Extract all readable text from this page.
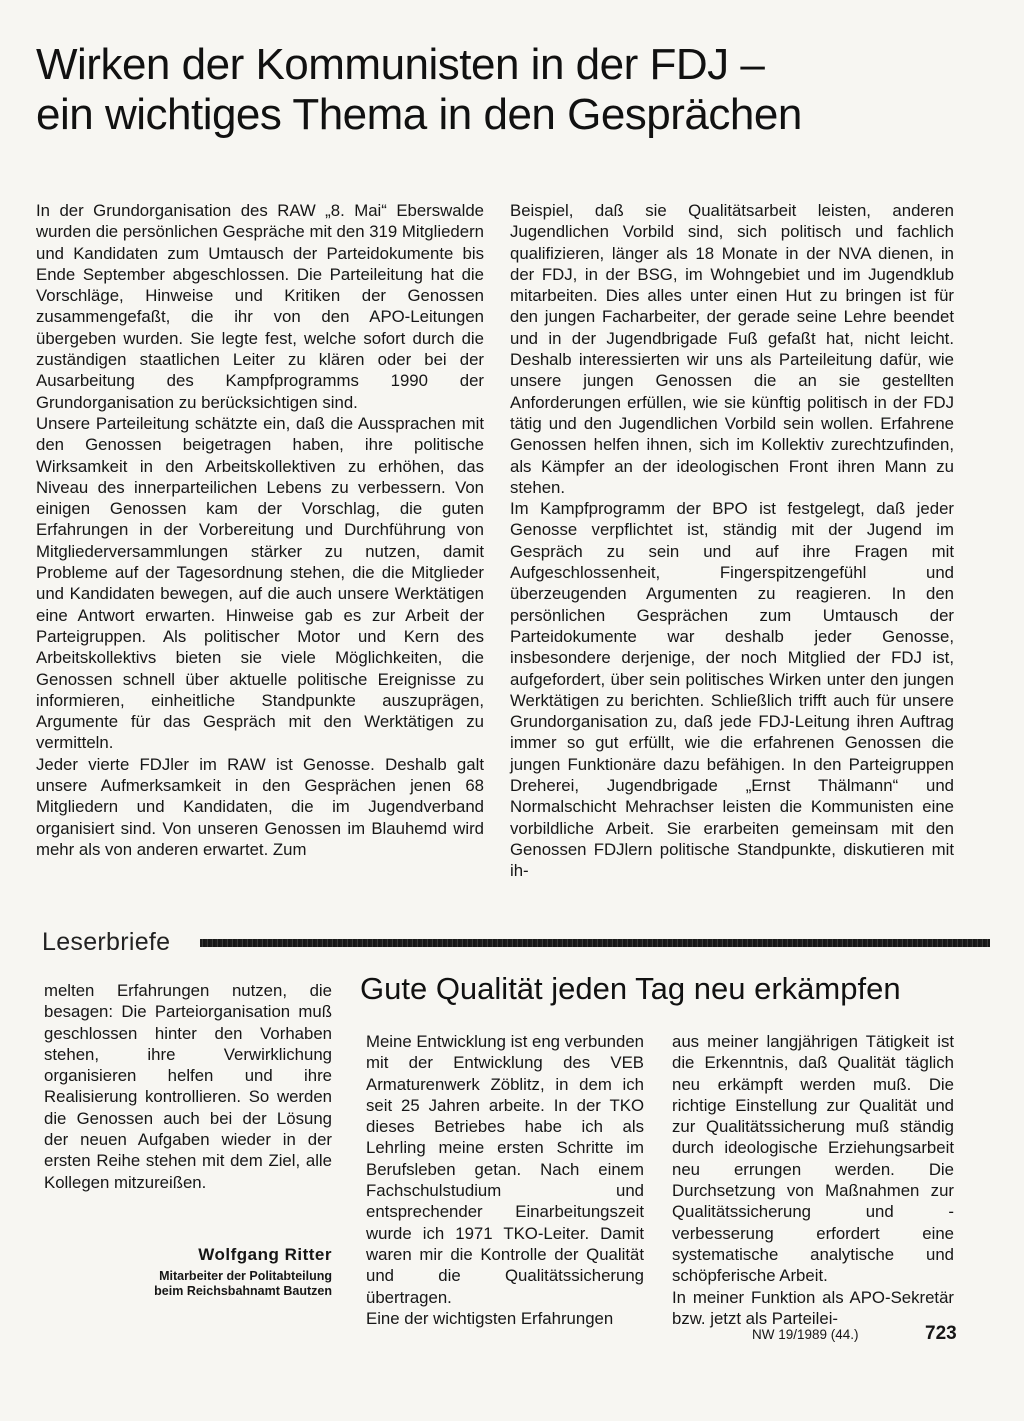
Wirken der Kommunisten in der FDJ –
ein wichtiges Thema in den Gesprächen

In der Grundorganisation des RAW „8. Mai“ Eberswalde wurden die persönlichen Gespräche mit den 319 Mitgliedern und Kandidaten zum Umtausch der Parteidokumente bis Ende September abgeschlossen. Die Parteileitung hat die Vorschläge, Hinweise und Kritiken der Genossen zusammengefaßt, die ihr von den APO-Leitungen übergeben wurden. Sie legte fest, welche sofort durch die zuständigen staatlichen Leiter zu klären oder bei der Ausarbeitung des Kampfprogramms 1990 der Grundorganisation zu berücksichtigen sind.

Unsere Parteileitung schätzte ein, daß die Aussprachen mit den Genossen beigetragen haben, ihre politische Wirksamkeit in den Arbeitskollektiven zu erhöhen, das Niveau des innerparteilichen Lebens zu verbessern. Von einigen Genossen kam der Vorschlag, die guten Erfahrungen in der Vorbereitung und Durchführung von Mitgliederversammlungen stärker zu nutzen, damit Probleme auf der Tagesordnung stehen, die die Mitglieder und Kandidaten bewegen, auf die auch unsere Werktätigen eine Antwort erwarten. Hinweise gab es zur Arbeit der Parteigruppen. Als politischer Motor und Kern des Arbeitskollektivs bieten sie viele Möglichkeiten, die Genossen schnell über aktuelle politische Ereignisse zu informieren, einheitliche Standpunkte auszuprägen, Argumente für das Gespräch mit den Werktätigen zu vermitteln.

Jeder vierte FDJler im RAW ist Genosse. Deshalb galt unsere Aufmerksamkeit in den Gesprächen jenen 68 Mitgliedern und Kandidaten, die im Jugendverband organisiert sind. Von unseren Genossen im Blauhemd wird mehr als von anderen erwartet. Zum

Beispiel, daß sie Qualitätsarbeit leisten, anderen Jugendlichen Vorbild sind, sich politisch und fachlich qualifizieren, länger als 18 Monate in der NVA dienen, in der FDJ, in der BSG, im Wohngebiet und im Jugendklub mitarbeiten. Dies alles unter einen Hut zu bringen ist für den jungen Facharbeiter, der gerade seine Lehre beendet und in der Jugendbrigade Fuß gefaßt hat, nicht leicht. Deshalb interessierten wir uns als Parteileitung dafür, wie unsere jungen Genossen die an sie gestellten Anforderungen erfüllen, wie sie künftig politisch in der FDJ tätig und den Jugendlichen Vorbild sein wollen. Erfahrene Genossen helfen ihnen, sich im Kollektiv zurechtzufinden, als Kämpfer an der ideologischen Front ihren Mann zu stehen.

Im Kampfprogramm der BPO ist festgelegt, daß jeder Genosse verpflichtet ist, ständig mit der Jugend im Gespräch zu sein und auf ihre Fragen mit Aufgeschlossenheit, Fingerspitzengefühl und überzeugenden Argumenten zu reagieren. In den persönlichen Gesprächen zum Umtausch der Parteidokumente war deshalb jeder Genosse, insbesondere derjenige, der noch Mitglied der FDJ ist, aufgefordert, über sein politisches Wirken unter den jungen Werktätigen zu berichten. Schließlich trifft auch für unsere Grundorganisation zu, daß jede FDJ-Leitung ihren Auftrag immer so gut erfüllt, wie die erfahrenen Genossen die jungen Funktionäre dazu befähigen. In den Parteigruppen Dreherei, Jugendbrigade „Ernst Thälmann“ und Normalschicht Mehrachser leisten die Kommunisten eine vorbildliche Arbeit. Sie erarbeiten gemeinsam mit den Genossen FDJlern politische Standpunkte, diskutieren mit ih-

Leserbriefe

melten Erfahrungen nutzen, die besagen: Die Parteiorganisation muß geschlossen hinter den Vorhaben stehen, ihre Verwirklichung organisieren helfen und ihre Realisierung kontrollieren. So werden die Genossen auch bei der Lösung der neuen Aufgaben wieder in der ersten Reihe stehen mit dem Ziel, alle Kollegen mitzureißen.

Wolfgang Ritter
Mitarbeiter der Politabteilung
beim Reichsbahnamt Bautzen
Gute Qualität jeden Tag neu erkämpfen

Meine Entwicklung ist eng verbunden mit der Entwicklung des VEB Armaturenwerk Zöblitz, in dem ich seit 25 Jahren arbeite. In der TKO dieses Betriebes habe ich als Lehrling meine ersten Schritte im Berufsleben getan. Nach einem Fachschulstudium und entsprechender Einarbeitungszeit wurde ich 1971 TKO-Leiter. Damit waren mir die Kontrolle der Qualität und die Qualitätssicherung übertragen.

Eine der wichtigsten Erfahrungen

aus meiner langjährigen Tätigkeit ist die Erkenntnis, daß Qualität täglich neu erkämpft werden muß. Die richtige Einstellung zur Qualität und zur Qualitätssicherung muß ständig durch ideologische Erziehungsarbeit neu errungen werden. Die Durchsetzung von Maßnahmen zur Qualitätssicherung und -verbesserung erfordert eine systematische analytische und schöpferische Arbeit.

In meiner Funktion als APO-Sekretär bzw. jetzt als Parteilei-

NW 19/1989 (44.)	723
